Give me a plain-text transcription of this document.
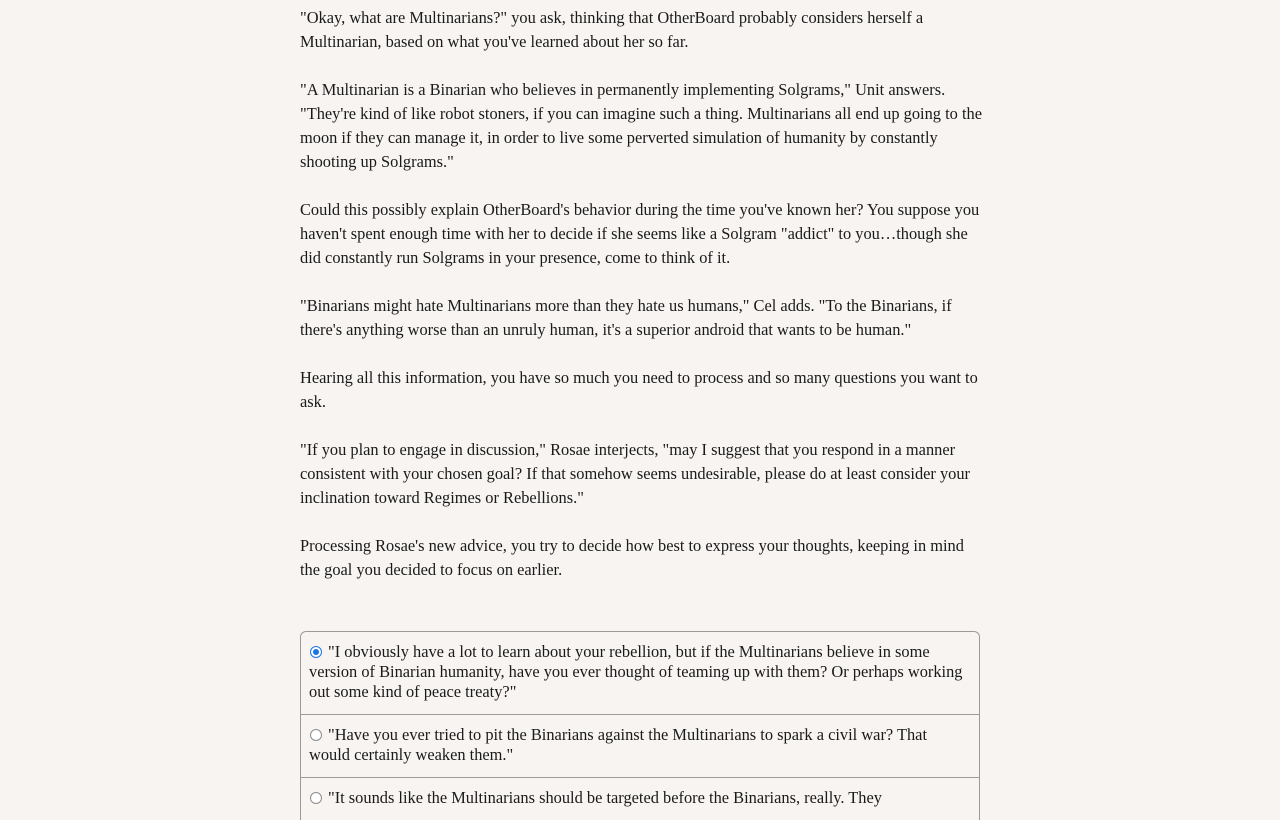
"Okay, what are Multinarians?" you ask, thinking that OtherBoard probably considers herself a Multinarian, based on what you've learned about her so far.

"A Multinarian is a Binarian who believes in permanently implementing Solgrams," Unit answers. "They're kind of like robot stoners, if you can imagine such a thing. Multinarians all end up going to the moon if they can manage it, in order to live some perverted simulation of humanity by constantly shooting up Solgrams."

Could this possibly explain OtherBoard's behavior during the time you've known her? You suppose you haven't spent enough time with her to decide if she seems like a Solgram "addict" to you…though she did constantly run Solgrams in your presence, come to think of it.

"Binarians might hate Multinarians more than they hate us humans," Cel adds. "To the Binarians, if there's anything worse than an unruly human, it's a superior android that wants to be human."

Hearing all this information, you have so much you need to process and so many questions you want to ask.

"If you plan to engage in discussion," Rosae interjects, "may I suggest that you respond in a manner consistent with your chosen goal? If that somehow seems undesirable, please do at least consider your inclination toward Regimes or Rebellions."

Processing Rosae's new advice, you try to decide how best to express your thoughts, keeping in mind the goal you decided to focus on earlier.

"I obviously have a lot to learn about your rebellion, but if the Multinarians believe in some version of Binarian humanity, have you ever thought of teaming up with them? Or perhaps working out some kind of peace treaty?"
"Have you ever tried to pit the Binarians against the Multinarians to spark a civil war? That would certainly weaken them."
"It sounds like the Multinarians should be targeted before the Binarians, really. They
